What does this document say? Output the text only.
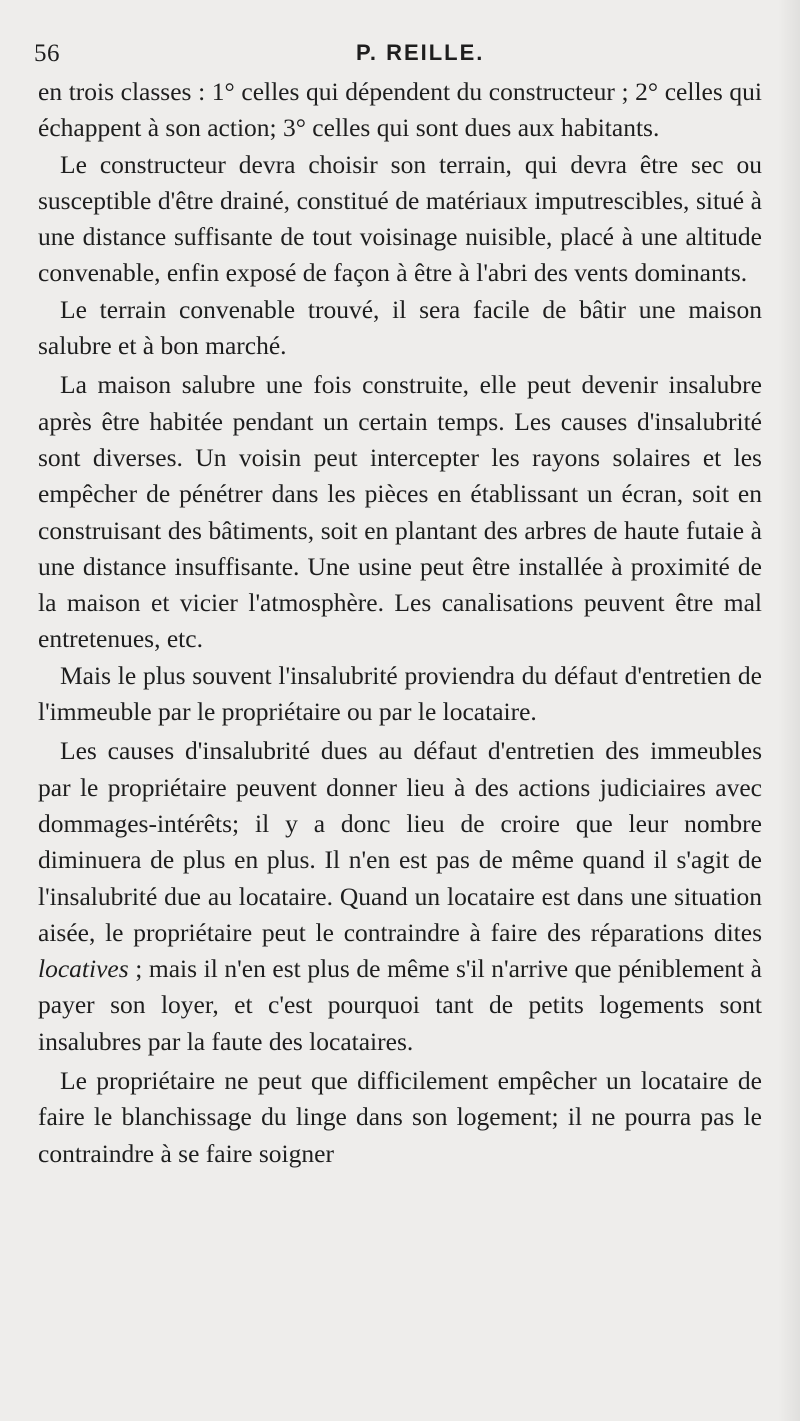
56	P. REILLE.

en trois classes : 1° celles qui dépendent du constructeur ; 2° celles qui échappent à son action; 3° celles qui sont dues aux habitants.

Le constructeur devra choisir son terrain, qui devra être sec ou susceptible d'être drainé, constitué de matériaux imputrescibles, situé à une distance suffisante de tout voisinage nuisible, placé à une altitude convenable, enfin exposé de façon à être à l'abri des vents dominants.

Le terrain convenable trouvé, il sera facile de bâtir une maison salubre et à bon marché.

La maison salubre une fois construite, elle peut devenir insalubre après être habitée pendant un certain temps. Les causes d'insalubrité sont diverses. Un voisin peut intercepter les rayons solaires et les empêcher de pénétrer dans les pièces en établissant un écran, soit en construisant des bâtiments, soit en plantant des arbres de haute futaie à une distance insuffisante. Une usine peut être installée à proximité de la maison et vicier l'atmosphère. Les canalisations peuvent être mal entretenues, etc.

Mais le plus souvent l'insalubrité proviendra du défaut d'entretien de l'immeuble par le propriétaire ou par le locataire.

Les causes d'insalubrité dues au défaut d'entretien des immeubles par le propriétaire peuvent donner lieu à des actions judiciaires avec dommages-intérêts; il y a donc lieu de croire que leur nombre diminuera de plus en plus. Il n'en est pas de même quand il s'agit de l'insalubrité due au locataire. Quand un locataire est dans une situation aisée, le propriétaire peut le contraindre à faire des réparations dites locatives ; mais il n'en est plus de même s'il n'arrive que péniblement à payer son loyer, et c'est pourquoi tant de petits logements sont insalubres par la faute des locataires.

Le propriétaire ne peut que difficilement empêcher un locataire de faire le blanchissage du linge dans son logement; il ne pourra pas le contraindre à se faire soigner
